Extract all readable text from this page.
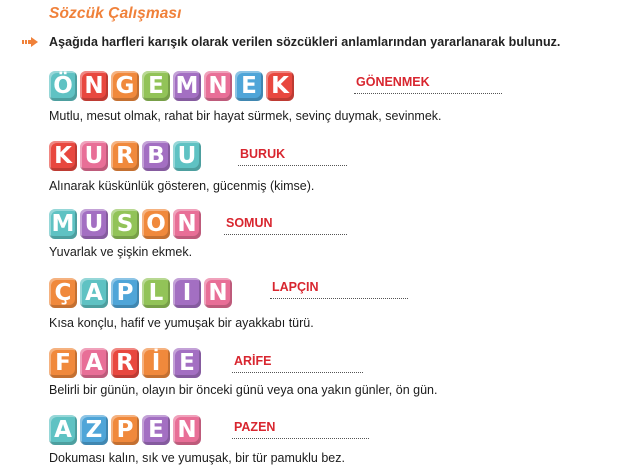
Sözcük Çalışması
Aşağıda harfleri karışık olarak verilen sözcükleri anlamlarından yararlanarak bulunuz.
Ö N G E M N E K	GÖNENMEK
Mutlu, mesut olmak, rahat bir hayat sürmek, sevinç duymak, sevinmek.
K U R B U	BURUK
Alınarak küskünlük gösteren, gücenmiş (kimse).
M U S O N	SOMUN
Yuvarlak ve şişkin ekmek.
Ç A P L I N	LAPÇIN
Kısa konçlu, hafif ve yumuşak bir ayakkabı türü.
F A R İ E	ARİFE
Belirli bir günün, olayın bir önceki günü veya ona yakın günler, ön gün.
A Z P E N	PAZEN
Dokuması kalın, sık ve yumuşak, bir tür pamuklu bez.
